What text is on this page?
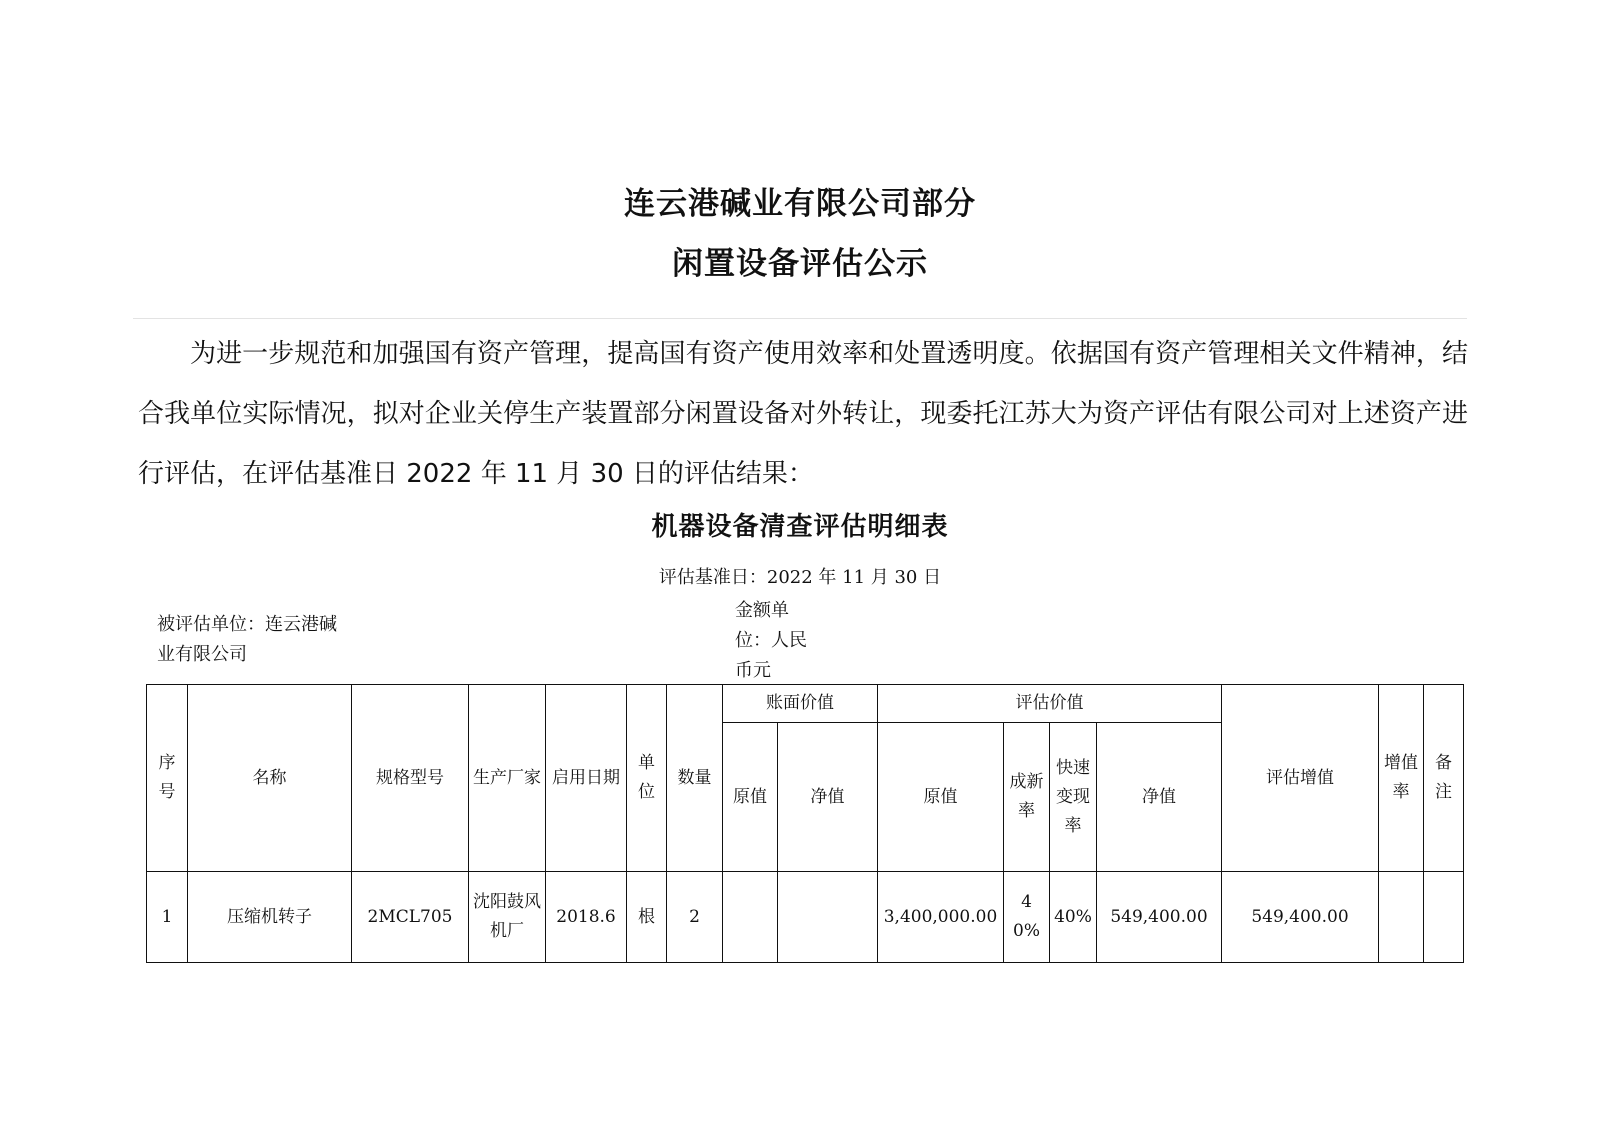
连云港碱业有限公司部分
闲置设备评估公示

为进一步规范和加强国有资产管理，提高国有资产使用效率和处置透明度。依据国有资产管理相关文件精神，结合我单位实际情况，拟对企业关停生产装置部分闲置设备对外转让，现委托江苏大为资产评估有限公司对上述资产进行评估，在评估基准日 2022 年 11 月 30 日的评估结果：

机器设备清查评估明细表
评估基准日：2022 年 11 月 30 日
被评估单位：连云港碱业有限公司
金额单位：人民币元
序号	名称	规格型号	生产厂家	启用日期	单位	数量	账面价值		评估价值				评估增值	增值率	备注
							原值	净值	原值	成新率	快速变现率	净值			
1	压缩机转子	2MCL705	沈阳鼓风机厂	2018.6	根	2			3,400,000.00	40%	40%	549,400.00	549,400.00		
